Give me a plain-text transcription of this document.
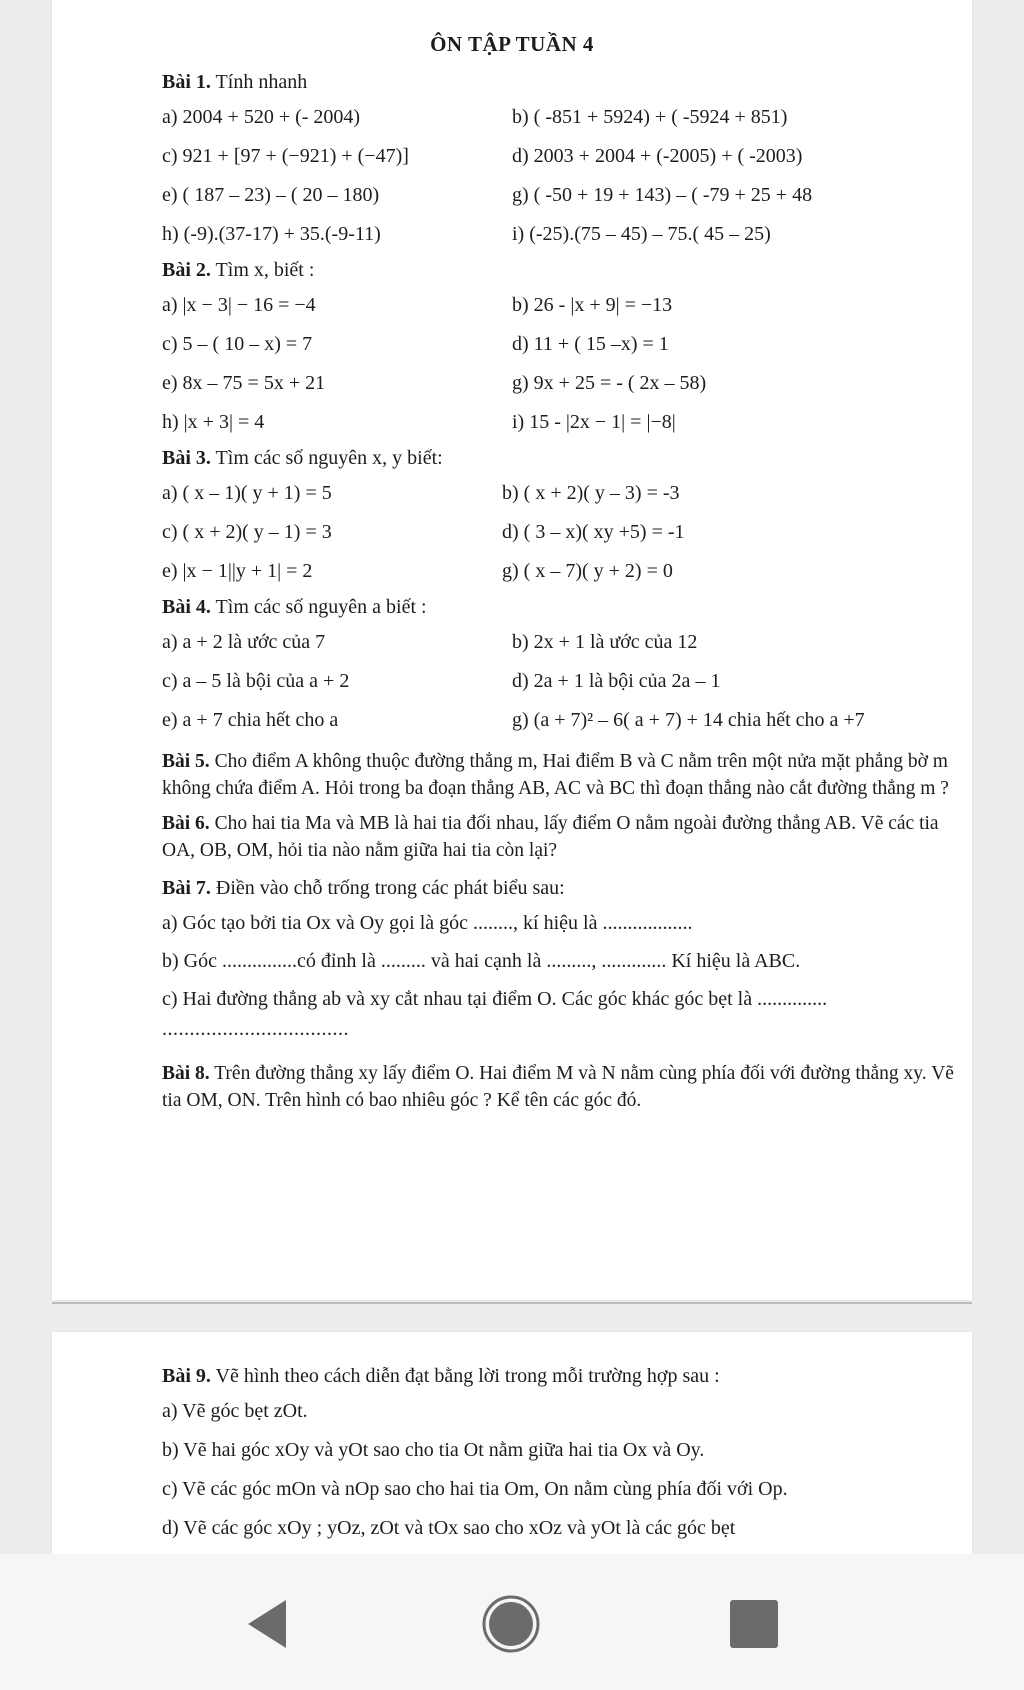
ÔN TẬP TUẦN 4

Bài 1. Tính nhanh

a) 2004 + 520 + (- 2004)	b) ( -851 + 5924) + ( -5924 + 851)
c) 921 + [97 + (−921) + (−47)]	d) 2003 + 2004 + (-2005) + ( -2003)
e) ( 187 – 23) – ( 20 – 180)	g) ( -50 + 19 + 143) – ( -79 + 25 + 48
h) (-9).(37-17) + 35.(-9-11)	i) (-25).(75 – 45) – 75.( 45 – 25)

Bài 2. Tìm x, biết :

a) |x − 3| − 16 = −4	b) 26 - |x + 9| = −13
c) 5 – ( 10 – x) = 7	d) 11 + ( 15 –x) = 1
e) 8x – 75 = 5x + 21	g) 9x + 25 = - ( 2x – 58)
h) |x + 3| = 4	i) 15 - |2x − 1| = |−8|

Bài 3. Tìm các số nguyên x, y biết:

a) ( x – 1)( y + 1) = 5	b) ( x + 2)( y – 3) = -3
c) ( x + 2)( y – 1) = 3	d) ( 3 – x)( xy +5) = -1
e) |x − 1||y + 1| = 2	g) ( x – 7)( y + 2) = 0

Bài 4. Tìm các số nguyên a biết :

a) a + 2 là ước của 7	b) 2x + 1 là ước của 12
c) a – 5 là bội của a + 2	d) 2a + 1 là bội của 2a – 1
e) a + 7 chia hết cho a	g) (a + 7)² – 6( a + 7) + 14 chia hết cho a +7

Bài 5. Cho điểm A không thuộc đường thẳng m, Hai điểm B và C nằm trên một nửa mặt phẳng bờ m không chứa điểm A. Hỏi trong ba đoạn thẳng AB, AC và BC thì đoạn thẳng nào cắt đường thẳng m ?

Bài 6. Cho hai tia Ma và MB là hai tia đối nhau, lấy điểm O nằm ngoài đường thẳng AB. Vẽ các tia OA, OB, OM, hỏi tia nào nằm giữa hai tia còn lại?

Bài 7. Điền vào chỗ trống trong các phát biểu sau:

a) Góc tạo bởi tia Ox và Oy gọi là góc ........, kí hiệu là ..................
b) Góc ...............có đỉnh là ......... và hai cạnh là ........., ............. Kí hiệu là ABC.
c) Hai đường thẳng ab và xy cắt nhau tại điểm O. Các góc khác góc bẹt là ..............
..................................

Bài 8. Trên đường thẳng xy lấy điểm O. Hai điểm M và N nằm cùng phía đối với đường thẳng xy. Vẽ tia OM, ON. Trên hình có bao nhiêu góc ? Kể tên các góc đó.

Bài 9. Vẽ hình theo cách diễn đạt bằng lời trong mỗi trường hợp sau :

a) Vẽ góc bẹt zOt.
b) Vẽ hai góc xOy và yOt sao cho tia Ot nằm giữa hai tia Ox và Oy.
c) Vẽ các góc mOn và nOp sao cho hai tia Om, On nằm cùng phía đối với Op.
d) Vẽ các góc xOy ; yOz, zOt và tOx sao cho xOz và yOt là các góc bẹt
